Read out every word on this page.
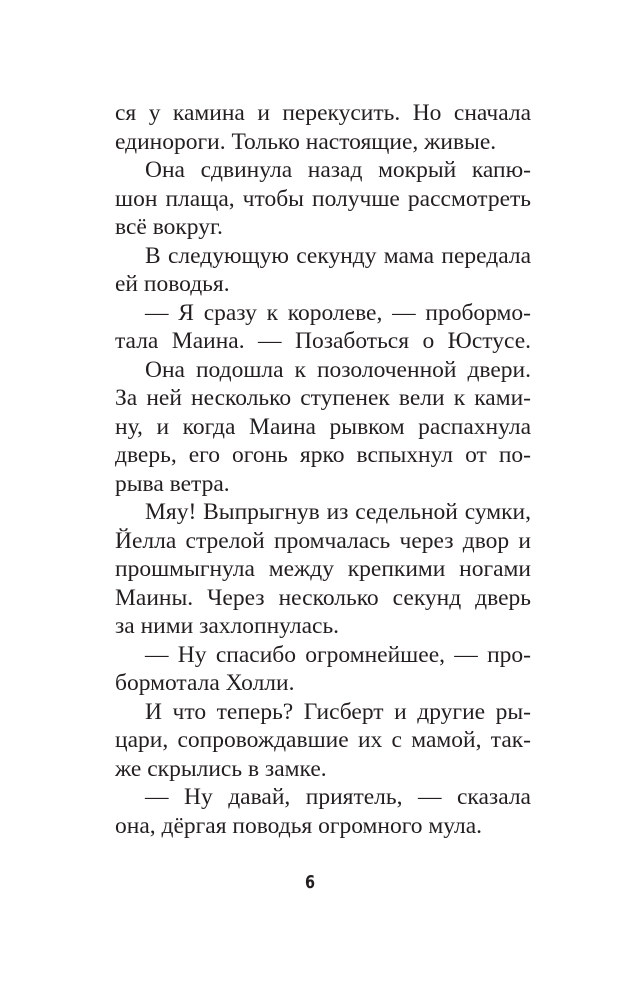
ся у камина и перекусить. Но сначала
единороги. Только настоящие, живые.
Она сдвинула назад мокрый капю-
шон плаща, чтобы получше рассмотреть
всё вокруг.
В следующую секунду мама передала
ей поводья.
— Я сразу к королеве, — пробормо-
тала Маина. — Позаботься о Юстусе.
Она подошла к позолоченной двери.
За ней несколько ступенек вели к ками-
ну, и когда Маина рывком распахнула
дверь, его огонь ярко вспыхнул от по-
рыва ветра.
Мяу! Выпрыгнув из седельной сумки,
Йелла стрелой промчалась через двор и
прошмыгнула между крепкими ногами
Маины. Через несколько секунд дверь
за ними захлопнулась.
— Ну спасибо огромнейшее, — про-
бормотала Холли.
И что теперь? Гисберт и другие ры-
цари, сопровождавшие их с мамой, так-
же скрылись в замке.
— Ну давай, приятель, — сказала
она, дёргая поводья огромного мула.
6
